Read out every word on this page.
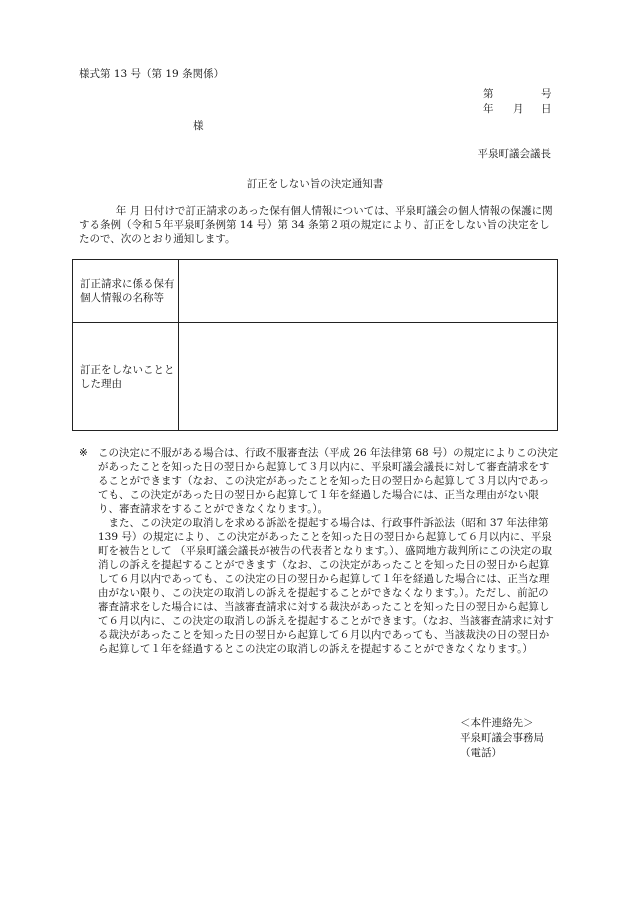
様式第 13 号（第 19 条関係）
第	号
年 月 日
様
平泉町議会議長
訂正をしない旨の決定通知書
年 月 日付けで訂正請求のあった保有個人情報については、平泉町議会の個人情報の保護に関する条例（令和５年平泉町条例第 14 号）第 34 条第２項の規定により、訂正をしない旨の決定をしたので、次のとおり通知します。
訂正請求に係る保有個人情報の名称等	
訂正をしないこととした理由	

※ この決定に不服がある場合は、行政不服審査法（平成 26 年法律第 68 号）の規定によりこの決定があったことを知った日の翌日から起算して３月以内に、平泉町議会議長に対して審査請求をすることができます（なお、この決定があったことを知った日の翌日から起算して３月以内であっても、この決定があった日の翌日から起算して１年を経過した場合には、正当な理由がない限り、審査請求をすることができなくなります。）。

また、この決定の取消しを求める訴訟を提起する場合は、行政事件訴訟法（昭和 37 年法律第 139 号）の規定により、この決定があったことを知った日の翌日から起算して６月以内に、平泉町を被告として （平泉町議会議長が被告の代表者となります。）、盛岡地方裁判所にこの決定の取消しの訴えを提起することができます（なお、この決定があったことを知った日の翌日から起算して６月以内であっても、この決定の日の翌日から起算して１年を経過した場合には、正当な理由がない限り、この決定の取消しの訴えを提起することができなくなります。）。ただし、前記の審査請求をした場合には、当該審査請求に対する裁決があったことを知った日の翌日から起算して６月以内に、この決定の取消しの訴えを提起することができます。（なお、当該審査請求に対する裁決があったことを知った日の翌日から起算して６月以内であっても、当該裁決の日の翌日から起算して１年を経過するとこの決定の取消しの訴えを提起することができなくなります。）

＜本件連絡先＞
平泉町議会事務局
（電話）
